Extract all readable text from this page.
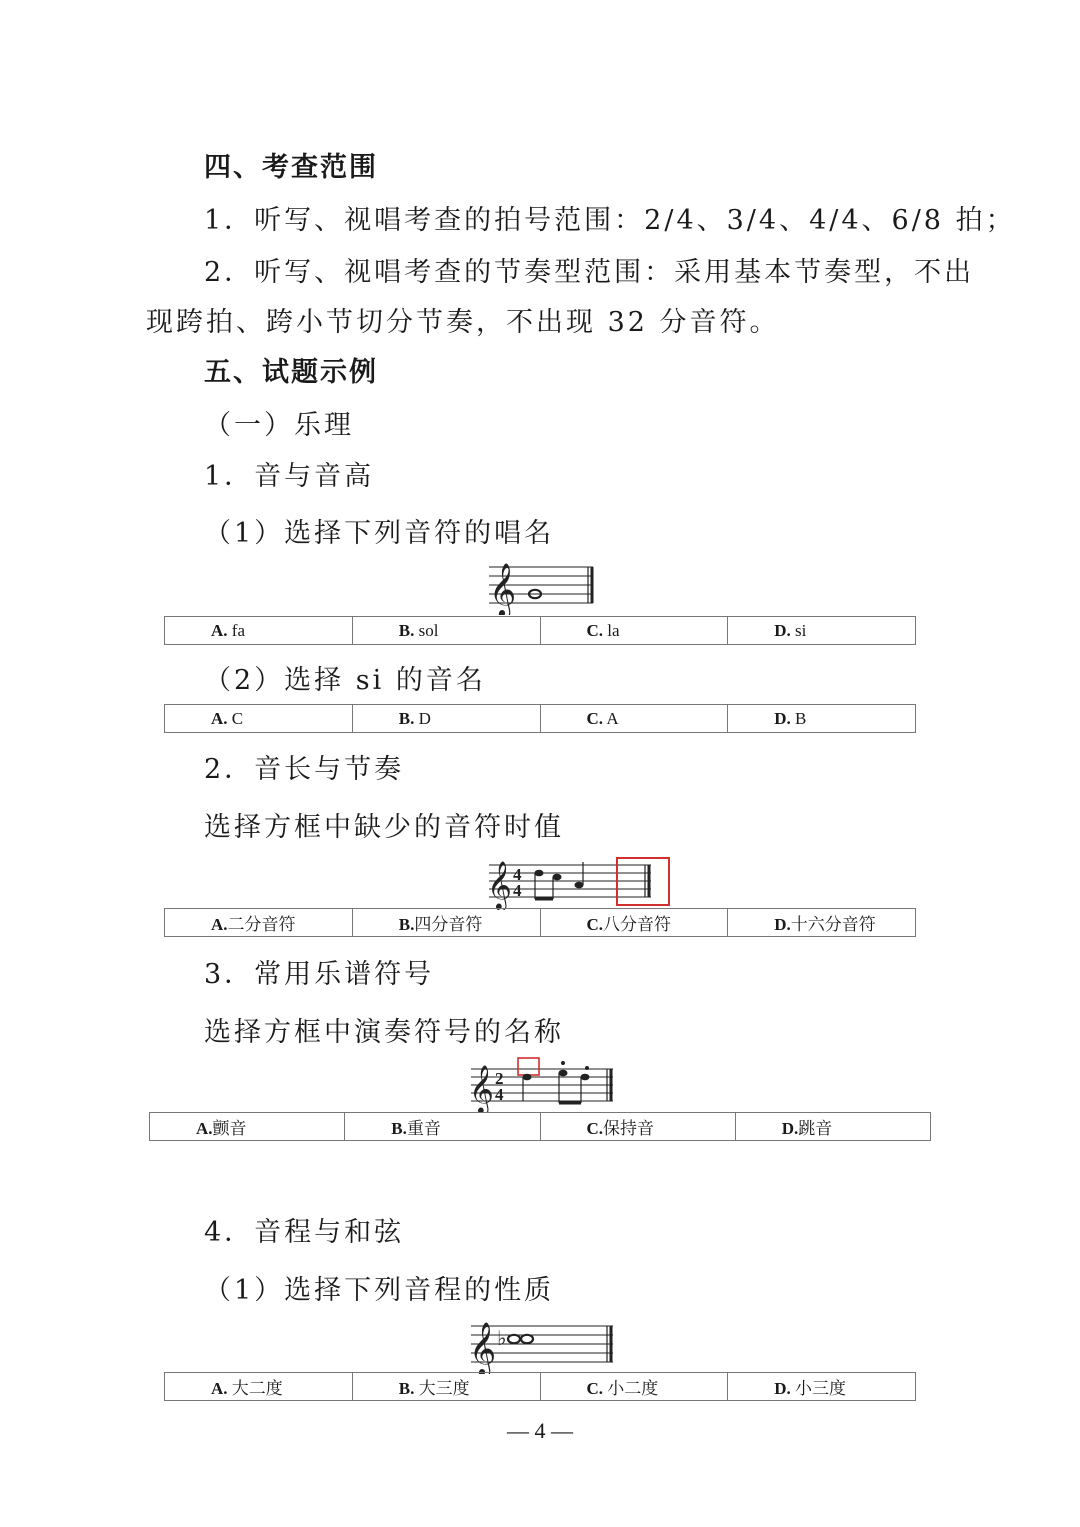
四、考查范围
1．听写、视唱考查的拍号范围：2/4、3/4、4/4、6/8 拍；
2．听写、视唱考查的节奏型范围：采用基本节奏型，不出
现跨拍、跨小节切分节奏，不出现 32 分音符。
五、试题示例
（一）乐理
1．音与音高
（1）选择下列音符的唱名
𝄞
A. fa	B. sol	C. la	D. si
（2）选择 si 的音名
A. C	B. D	C. A	D. B
2．音长与节奏
选择方框中缺少的音符时值
𝄞 4
4
A.二分音符	B.四分音符	C.八分音符	D.十六分音符
3．常用乐谱符号
选择方框中演奏符号的名称
𝄞 2
4
A.颤音	B.重音	C.保持音	D.跳音
4．音程与和弦
（1）选择下列音程的性质
𝄞 ♭
A. 大二度	B. 大三度	C. 小二度	D. 小三度
— 4 —
